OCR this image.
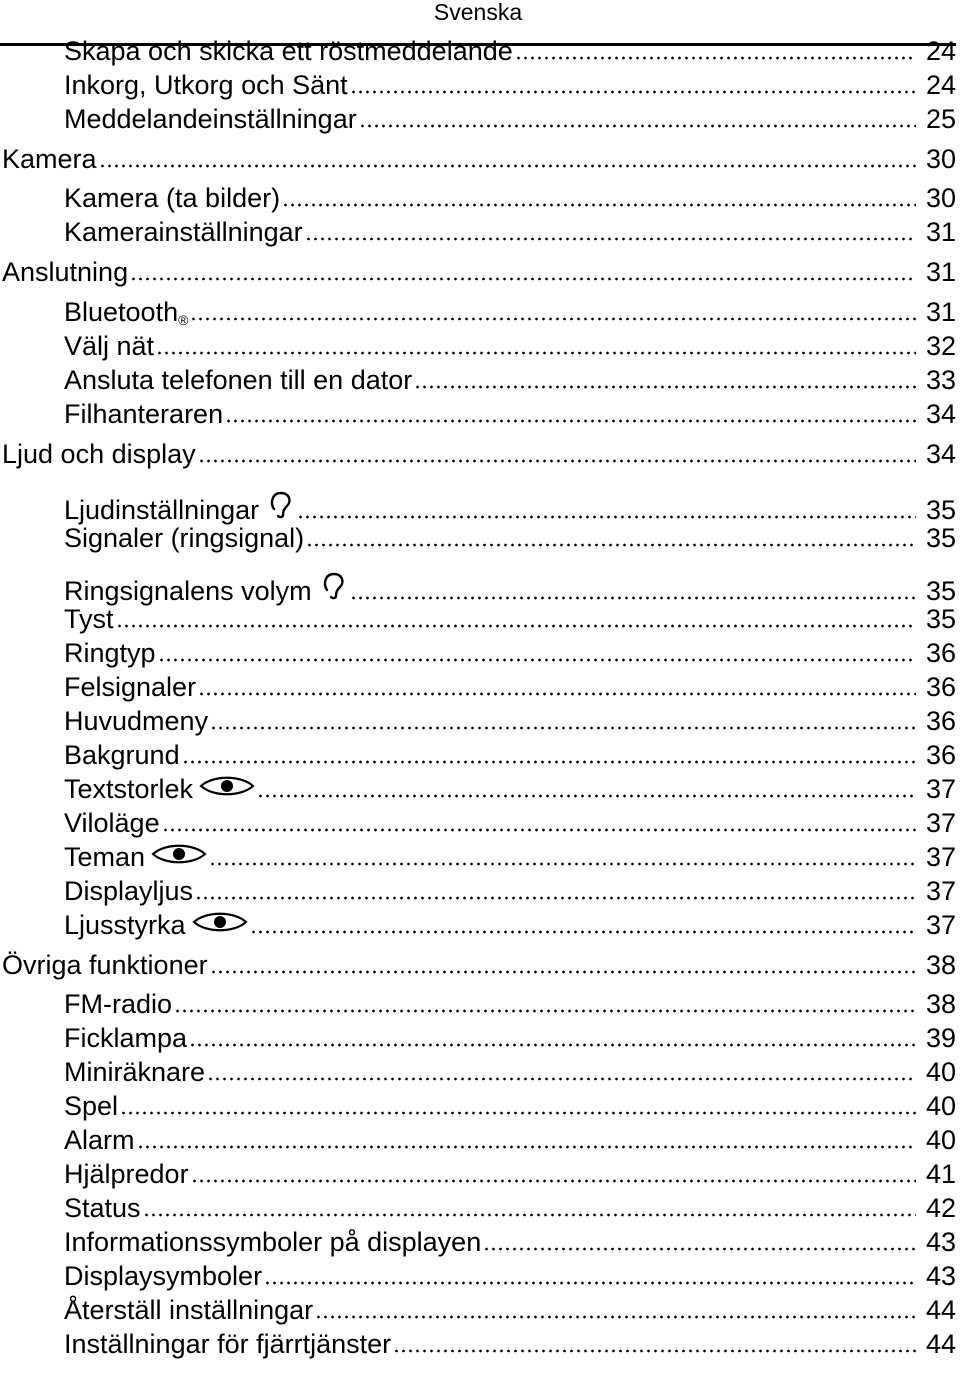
Svenska
Skapa och skicka ett röstmeddelande	24
Inkorg, Utkorg och Sänt	24
Meddelandeinställningar	25
Kamera	30
Kamera (ta bilder)	30
Kamerainställningar	31
Anslutning	31
Bluetooth$_®$	31
Välj nät	32
Ansluta telefonen till en dator	33
Filhanteraren	34
Ljud och display	34
Ljudinställningar	35
Signaler (ringsignal)	35
Ringsignalens volym	35
Tyst	35
Ringtyp	36
Felsignaler	36
Huvudmeny	36
Bakgrund	36
Textstorlek	37
Viloläge	37
Teman	37
Displayljus	37
Ljusstyrka	37
Övriga funktioner	38
FM-radio	38
Ficklampa	39
Miniräknare	40
Spel	40
Alarm	40
Hjälpredor	41
Status	42
Informationssymboler på displayen	43
Displaysymboler	43
Återställ inställningar	44
Inställningar för fjärrtjänster	44
